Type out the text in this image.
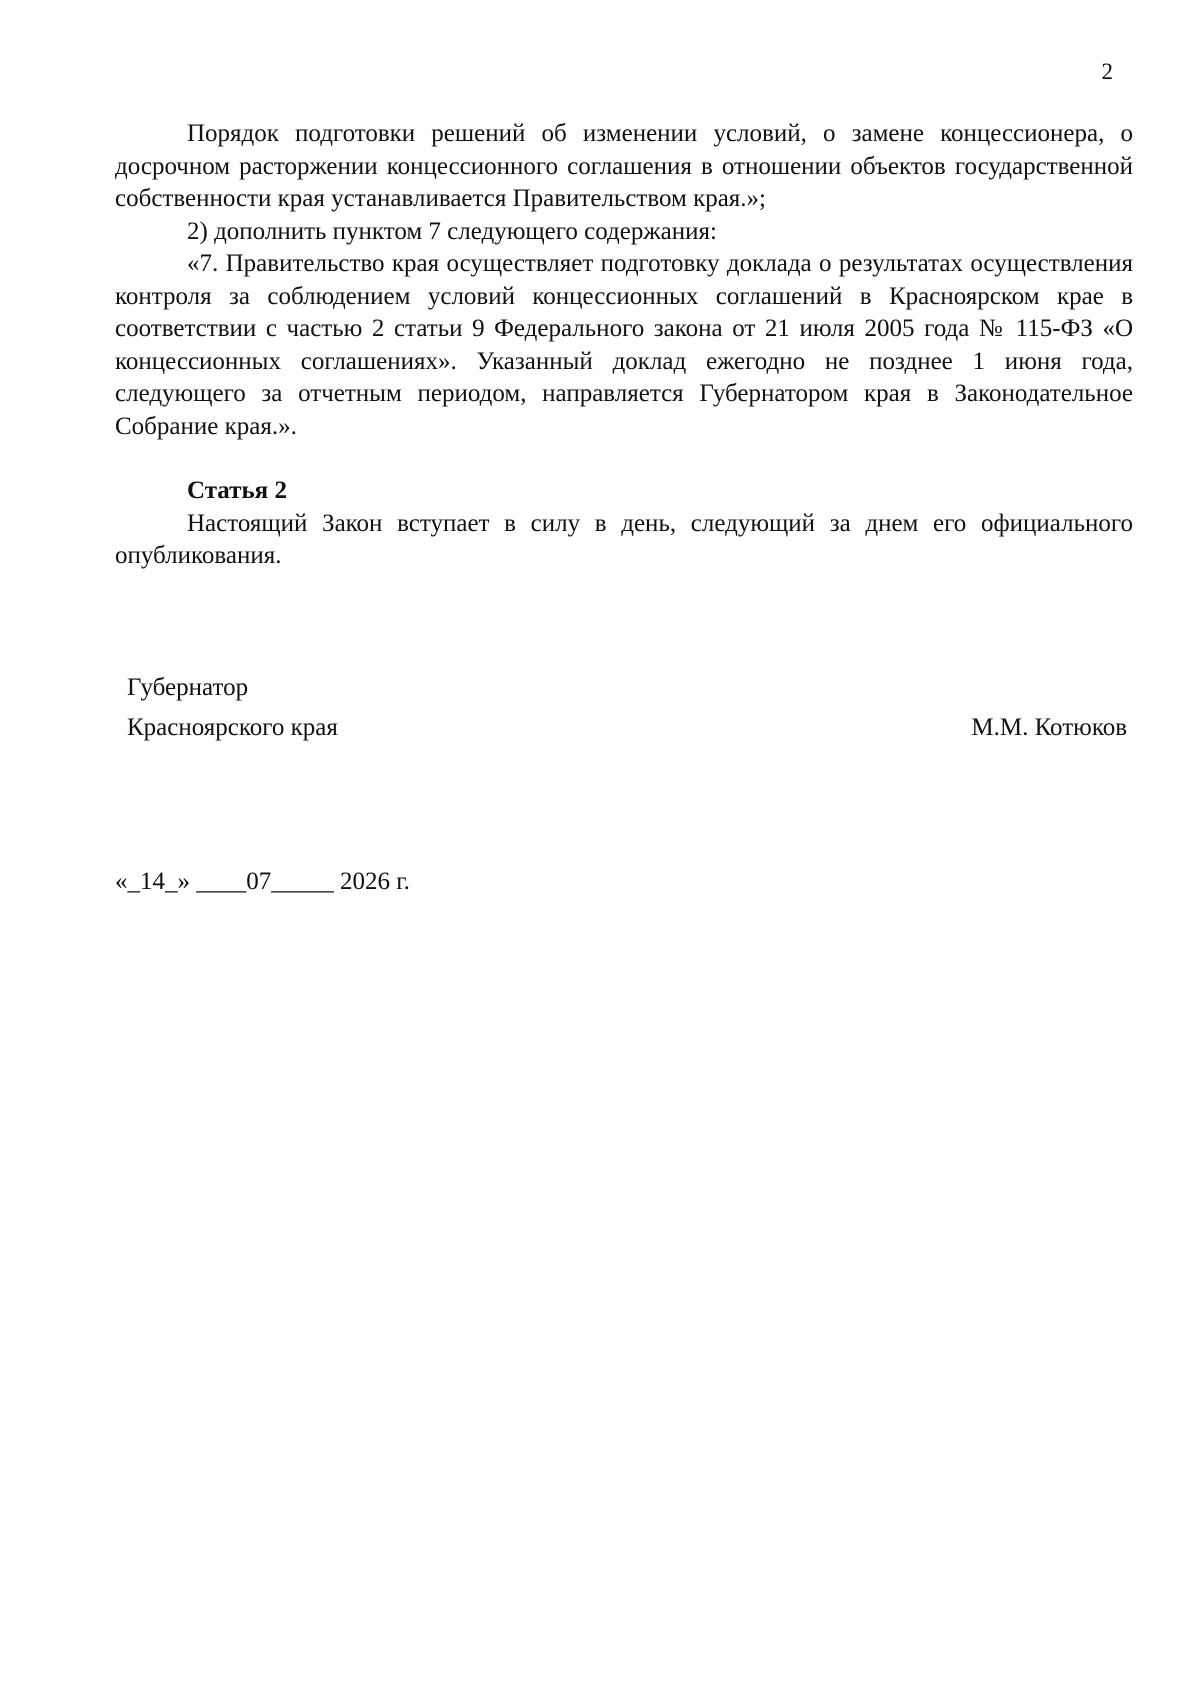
2

Порядок подготовки решений об изменении условий, о замене концессионера, о досрочном расторжении концессионного соглашения в отношении объектов государственной собственности края устанавливается Правительством края.»;

2) дополнить пунктом 7 следующего содержания:

«7. Правительство края осуществляет подготовку доклада о результатах осуществления контроля за соблюдением условий концессионных соглашений в Красноярском крае в соответствии с частью 2 статьи 9 Федерального закона от 21 июля 2005 года № 115-ФЗ «О концессионных соглашениях». Указанный доклад ежегодно не позднее 1 июня года, следующего за отчетным периодом, направляется Губернатором края в Законодательное Собрание края.».

Статья 2

Настоящий Закон вступает в силу в день, следующий за днем его официального опубликования.

Губернатор
Красноярского края	М.М. Котюков
«_14_» ____07_____ 2026 г.
